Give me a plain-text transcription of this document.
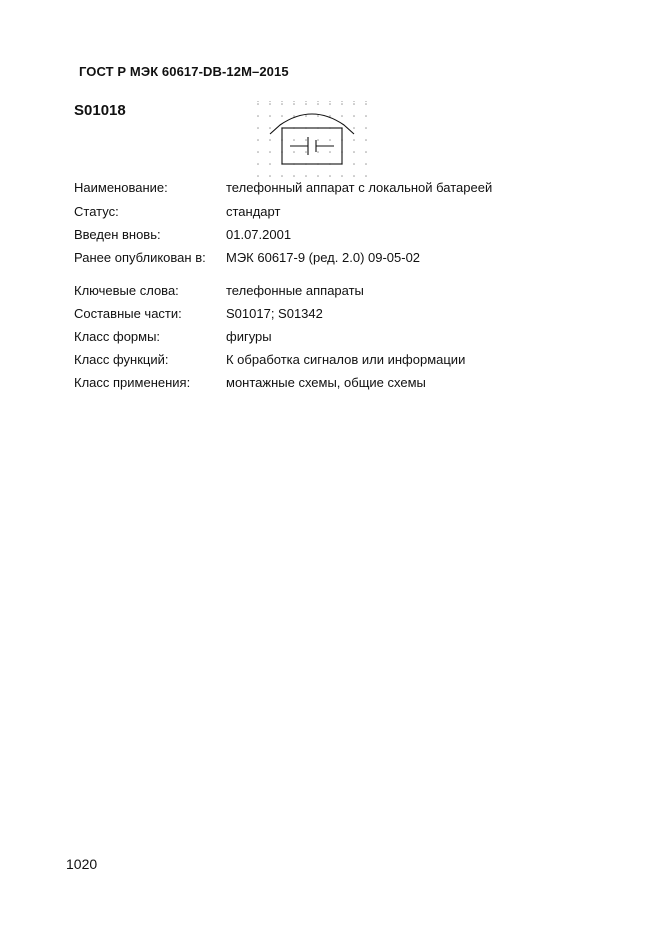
ГОСТ Р МЭК 60617-DB-12M–2015
S01018
Наименование:	телефонный аппарат с локальной батареей
Статус:	стандарт
Введен вновь:	01.07.2001
Ранее опубликован в: МЭК 60617-9 (ред. 2.0) 09-05-02
Ключевые слова:	телефонные аппараты
Составные части:	S01017; S01342
Класс формы:	фигуры
Класс функций:	К обработка сигналов или информации
Класс применения:	монтажные схемы, общие схемы
1020
